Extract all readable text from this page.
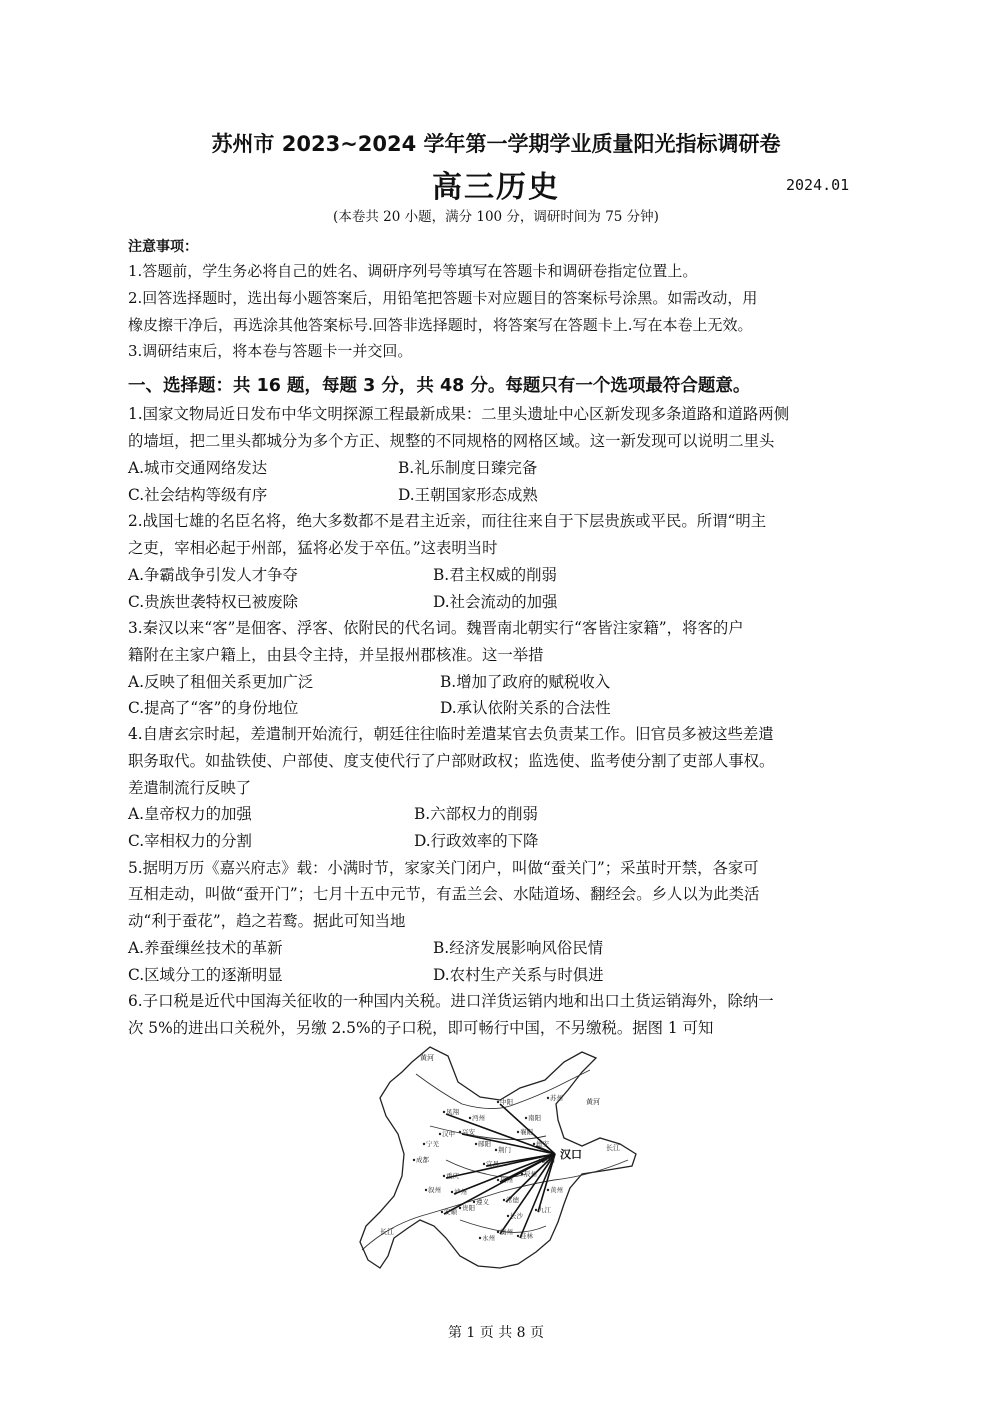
苏州市 2023~2024 学年第一学期学业质量阳光指标调研卷
高三历史	2024.01
(本卷共 20 小题，满分 100 分，调研时间为 75 分钟)
注意事项：
1.答题前，学生务必将自己的姓名、调研序列号等填写在答题卡和调研卷指定位置上。
2.回答选择题时，选出每小题答案后，用铅笔把答题卡对应题目的答案标号涂黑。如需改动，用
橡皮擦干净后，再选涂其他答案标号.回答非选择题时，将答案写在答题卡上.写在本卷上无效。
3.调研结束后，将本卷与答题卡一并交回。
一、选择题：共 16 题，每题 3 分，共 48 分。每题只有一个选项最符合题意。
1.国家文物局近日发布中华文明探源工程最新成果：二里头遗址中心区新发现多条道路和道路两侧
的墙垣，把二里头都城分为多个方正、规整的不同规格的网格区域。这一新发现可以说明二里头
A.城市交通网络发达	B.礼乐制度日臻完备
C.社会结构等级有序	D.王朝国家形态成熟
2.战国七雄的名臣名将，绝大多数都不是君主近亲，而往往来自于下层贵族或平民。所谓“明主
之吏，宰相必起于州部，猛将必发于卒伍。”这表明当时
A.争霸战争引发人才争夺	B.君主权威的削弱
C.贵族世袭特权已被废除	D.社会流动的加强
3.秦汉以来“客”是佃客、浮客、依附民的代名词。魏晋南北朝实行“客皆注家籍”，将客的户
籍附在主家户籍上，由县令主持，并呈报州郡核准。这一举措
A.反映了租佃关系更加广泛	B.增加了政府的赋税收入
C.提高了“客”的身份地位	D.承认依附关系的合法性
4.自唐玄宗时起，差遣制开始流行，朝廷往往临时差遣某官去负责某工作。旧官员多被这些差遣
职务取代。如盐铁使、户部使、度支使代行了户部财政权；监选使、监考使分割了吏部人事权。
差遣制流行反映了
A.皇帝权力的加强	B.六部权力的削弱
C.宰相权力的分割	D.行政效率的下降
5.据明万历《嘉兴府志》载：小满时节，家家关门闭户，叫做“蚕关门”；采茧时开禁，各家可
互相走动，叫做“蚕开门”；七月十五中元节，有盂兰会、水陆道场、翻经会。乡人以为此类活
动“利于蚕花”，趋之若鹜。据此可知当地
A.养蚕缫丝技术的革新	B.经济发展影响风俗民情
C.区域分工的逐渐明显	D.农村生产关系与时俱进
6.子口税是近代中国海关征收的一种国内关税。进口洋货运销内地和出口土货运销海外，除纳一
次 5%的进出口关税外，另缴 2.5%的子口税，即可畅行中国，不另缴税。据图 1 可知
中阳	苏州
凤翔
沔州
兴安
汉中
宁羌
荆门
宜昌
成都
重庆
叙州 泸州
贵阳
安顺
遵义	常德
长沙
衡州
永州	桂林
辰州
岳州
襄阳
武昌
南阳
德安
黄州
九江
郧阳
黄河
黄河
长江
长江
汉口
第 1 页 共 8 页
